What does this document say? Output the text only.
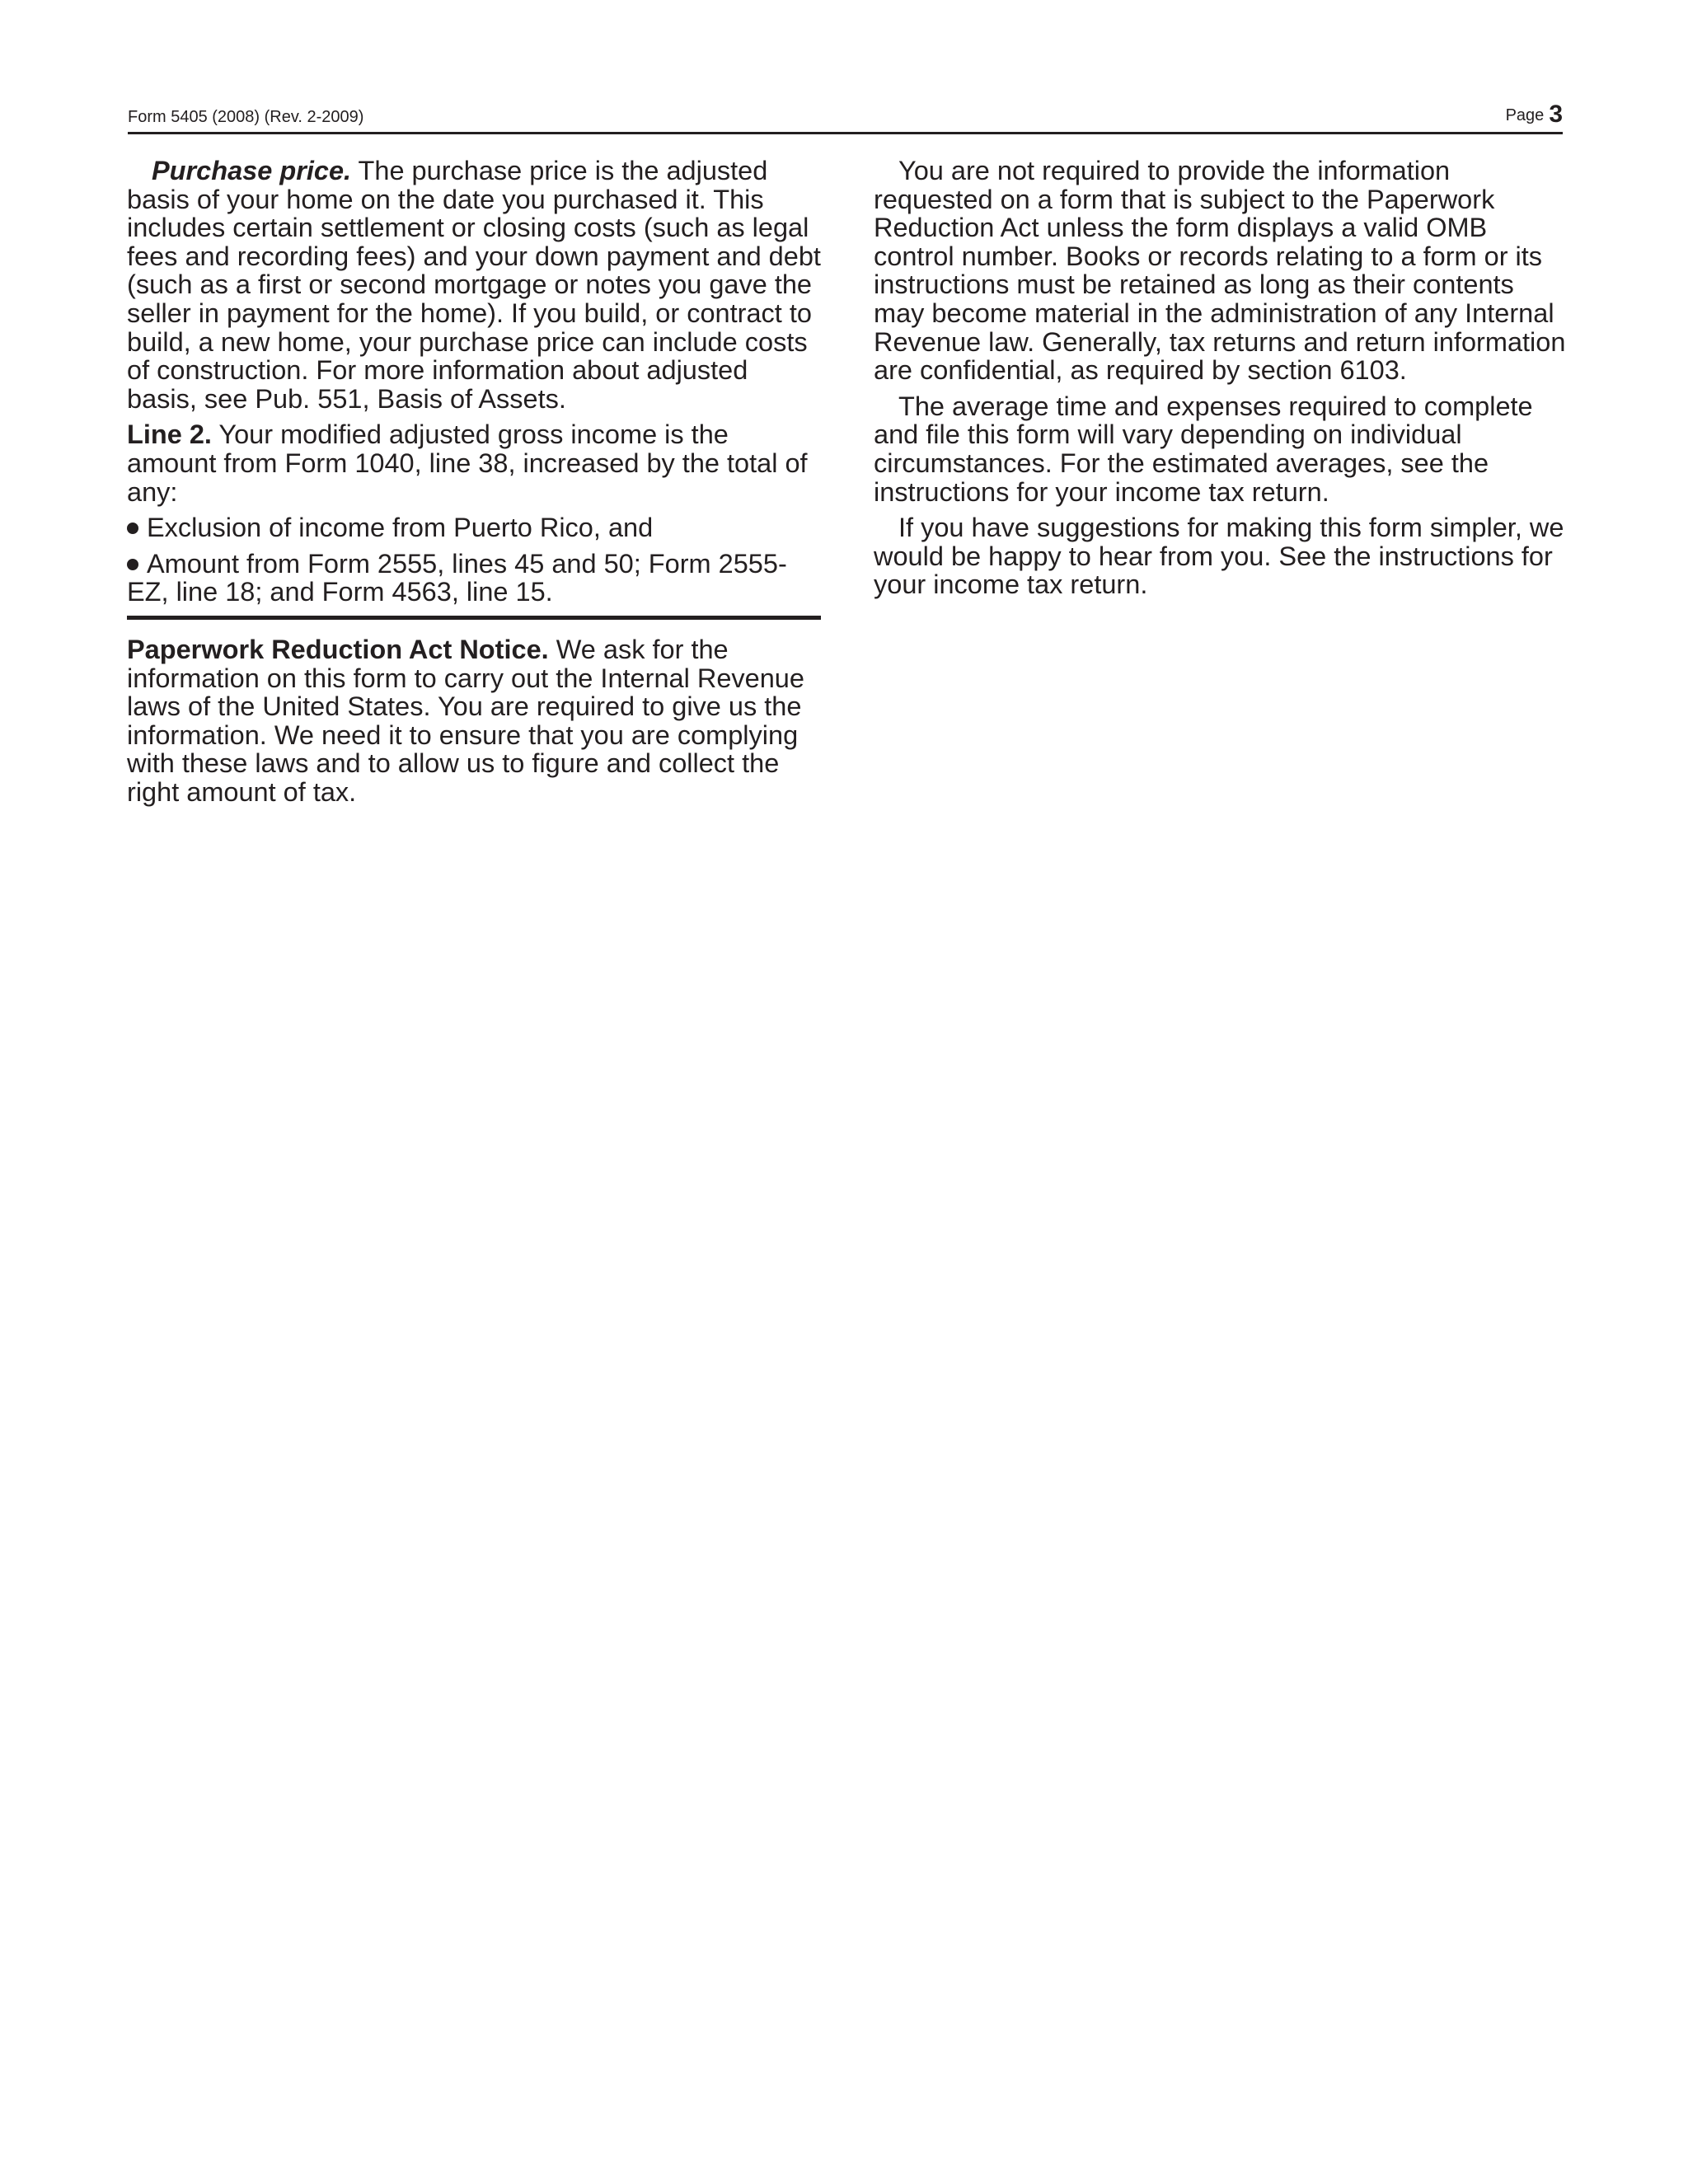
Form 5405 (2008) (Rev. 2-2009)	Page 3

Purchase price. The purchase price is the adjusted basis of your home on the date you purchased it. This includes certain settlement or closing costs (such as legal fees and recording fees) and your down payment and debt (such as a first or second mortgage or notes you gave the seller in payment for the home). If you build, or contract to build, a new home, your purchase price can include costs of construction. For more information about adjusted basis, see Pub. 551, Basis of Assets.

Line 2. Your modified adjusted gross income is the amount from Form 1040, line 38, increased by the total of any:

Exclusion of income from Puerto Rico, and

Amount from Form 2555, lines 45 and 50; Form 2555-EZ, line 18; and Form 4563, line 15.

Paperwork Reduction Act Notice. We ask for the information on this form to carry out the Internal Revenue laws of the United States. You are required to give us the information. We need it to ensure that you are complying with these laws and to allow us to figure and collect the right amount of tax.

You are not required to provide the information requested on a form that is subject to the Paperwork Reduction Act unless the form displays a valid OMB control number. Books or records relating to a form or its instructions must be retained as long as their contents may become material in the administration of any Internal Revenue law. Generally, tax returns and return information are confidential, as required by section 6103.

The average time and expenses required to complete and file this form will vary depending on individual circumstances. For the estimated averages, see the instructions for your income tax return.

If you have suggestions for making this form simpler, we would be happy to hear from you. See the instructions for your income tax return.
